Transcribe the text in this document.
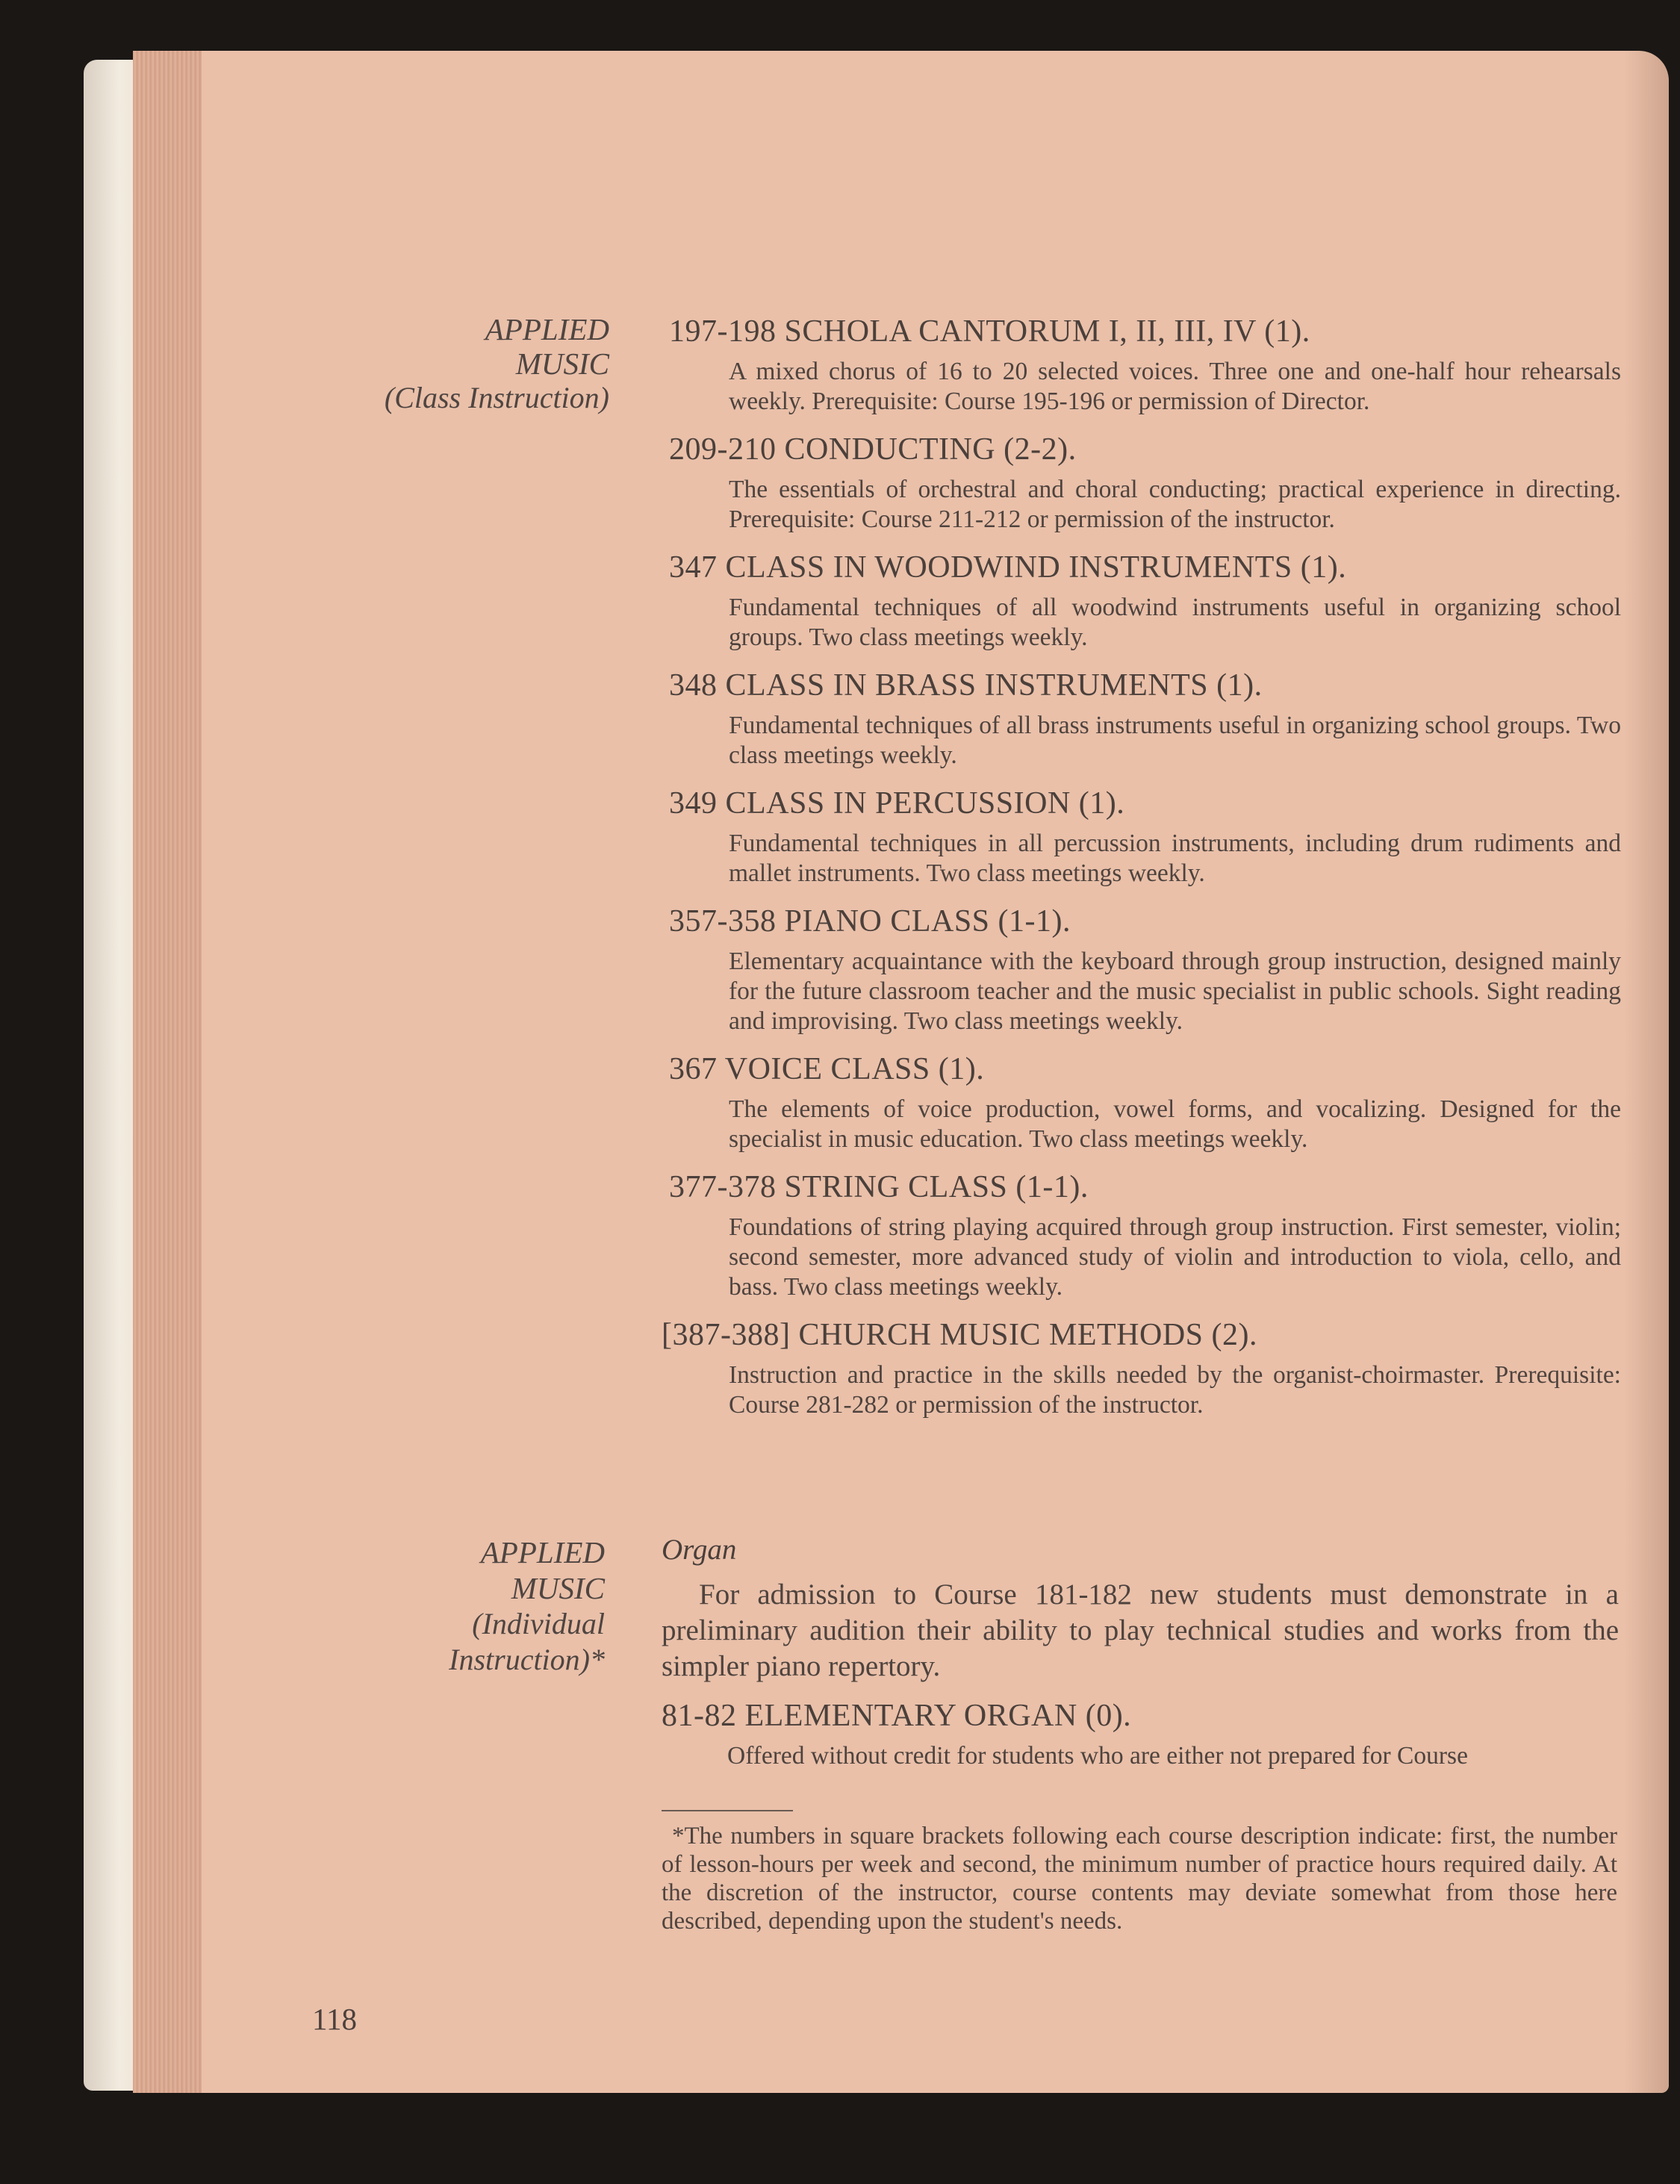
APPLIED
MUSIC
(Class Instruction)

197-198 SCHOLA CANTORUM I, II, III, IV (1).

A mixed chorus of 16 to 20 selected voices. Three one and one-half hour rehearsals weekly. Prerequisite: Course 195-196 or permission of Director.

209-210 CONDUCTING (2-2).

The essentials of orchestral and choral conducting; practical experience in directing. Prerequisite: Course 211-212 or permission of the instructor.

347 CLASS IN WOODWIND INSTRUMENTS (1).

Fundamental techniques of all woodwind instruments useful in organizing school groups. Two class meetings weekly.

348 CLASS IN BRASS INSTRUMENTS (1).

Fundamental techniques of all brass instruments useful in organizing school groups. Two class meetings weekly.

349 CLASS IN PERCUSSION (1).

Fundamental techniques in all percussion instruments, including drum rudiments and mallet instruments. Two class meetings weekly.

357-358 PIANO CLASS (1-1).

Elementary acquaintance with the keyboard through group instruction, designed mainly for the future classroom teacher and the music specialist in public schools. Sight reading and improvising. Two class meetings weekly.

367 VOICE CLASS (1).

The elements of voice production, vowel forms, and vocalizing. Designed for the specialist in music education. Two class meetings weekly.

377-378 STRING CLASS (1-1).

Foundations of string playing acquired through group instruction. First semester, violin; second semester, more advanced study of violin and introduction to viola, cello, and bass. Two class meetings weekly.

[387-388] CHURCH MUSIC METHODS (2).

Instruction and practice in the skills needed by the organist-choirmaster. Prerequisite: Course 281-282 or permission of the instructor.

APPLIED
MUSIC
(Individual
Instruction)*

Organ

For admission to Course 181-182 new students must demonstrate in a preliminary audition their ability to play technical studies and works from the simpler piano repertory.

81-82 ELEMENTARY ORGAN (0).

Offered without credit for students who are either not prepared for Course

*The numbers in square brackets following each course description indicate: first, the number of lesson-hours per week and second, the minimum number of practice hours required daily. At the discretion of the instructor, course contents may deviate somewhat from those here described, depending upon the student's needs.
118
